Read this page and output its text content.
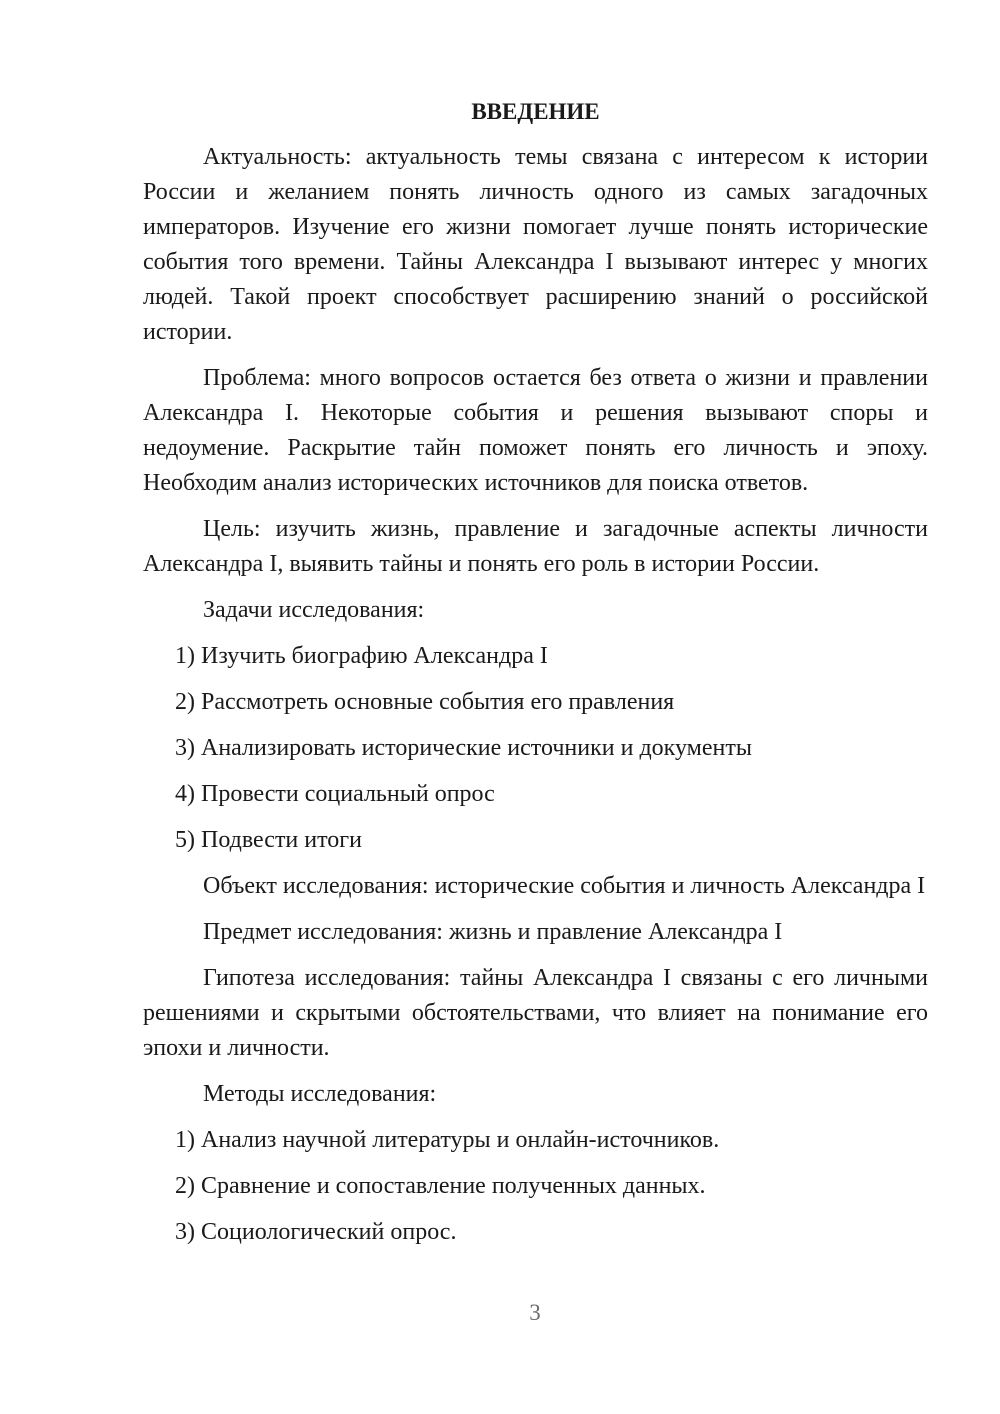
ВВЕДЕНИЕ
Актуальность: актуальность темы связана с интересом к истории России и желанием понять личность одного из самых загадочных императоров. Изучение его жизни помогает лучше понять исторические события того времени. Тайны Александра I вызывают интерес у многих людей. Такой проект способствует расширению знаний о российской истории.
Проблема: много вопросов остается без ответа о жизни и правлении Александра I. Некоторые события и решения вызывают споры и недоумение. Раскрытие тайн поможет понять его личность и эпоху. Необходим анализ исторических источников для поиска ответов.
Цель: изучить жизнь, правление и загадочные аспекты личности Александра I, выявить тайны и понять его роль в истории России.
Задачи исследования:
1) Изучить биографию Александра I
2) Рассмотреть основные события его правления
3) Анализировать исторические источники и документы
4) Провести социальный опрос
5) Подвести итоги
Объект исследования: исторические события и личность Александра I
Предмет исследования: жизнь и правление Александра I
Гипотеза исследования: тайны Александра I связаны с его личными решениями и скрытыми обстоятельствами, что влияет на понимание его эпохи и личности.
Методы исследования:
1) Анализ научной литературы и онлайн-источников.
2) Сравнение и сопоставление полученных данных.
3) Социологический опрос.
3
